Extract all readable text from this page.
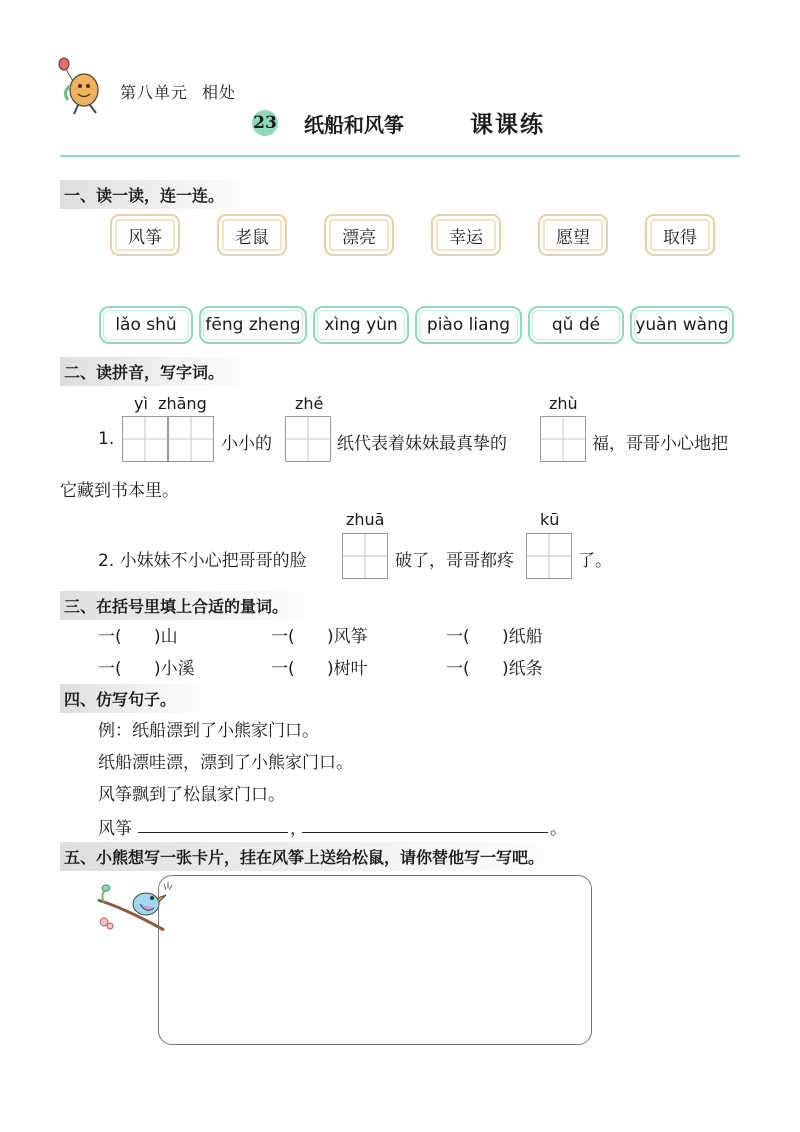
第八单元 相处
23 纸船和风筝	课课练
一、读一读，连一连。
风筝	老鼠	漂亮	幸运	愿望	取得
lǎo shǔ	fēng zheng	xìng yùn	piào liang	qǔ dé	yuàn wàng
二、读拼音，写字词。
yì  zhāng	zhé	zhù
1.	小小的	纸代表着妹妹最真挚的	福，哥哥小心地把
它藏到书本里。
zhuā	kū
2. 小妹妹不小心把哥哥的脸	破了，哥哥都疼	了。
三、在括号里填上合适的量词。
一(      )山	一(      )风筝	一(      )纸船
一(      )小溪	一(      )树叶	一(      )纸条
四、仿写句子。
例：纸船漂到了小熊家门口。
纸船漂哇漂，漂到了小熊家门口。
风筝飘到了松鼠家门口。
风筝	，	。
五、小熊想写一张卡片，挂在风筝上送给松鼠，请你替他写一写吧。
